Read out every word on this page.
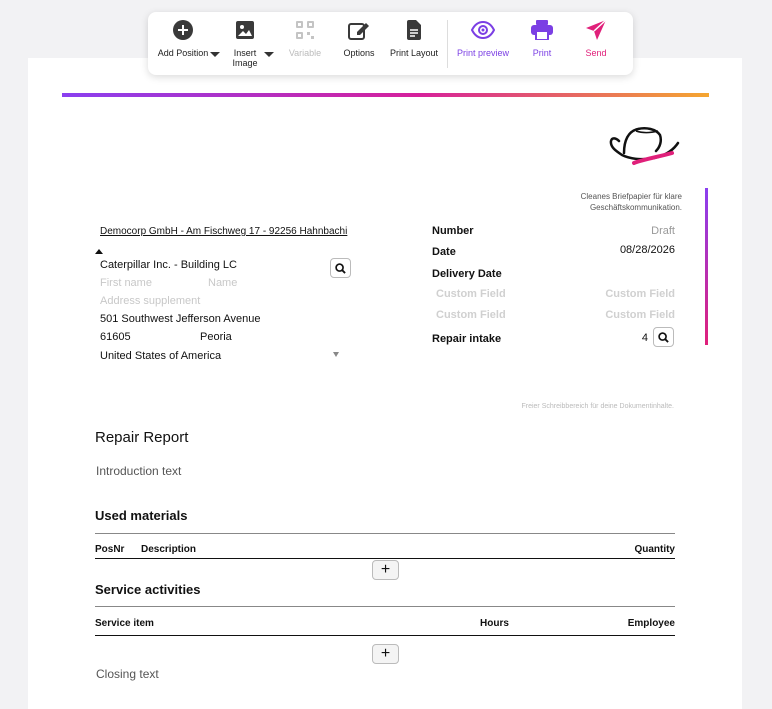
Add Position	Insert Image
Variable Options Print Layout Print preview	Print	Send
Cleanes Briefpapier für klare
Geschäftskommunikation.
Democorp GmbH - Am Fischweg 17 - 92256 Hahnbachi
Caterpillar Inc. - Building LC
First name	Name
Address supplement
501 Southwest Jefferson Avenue
61605	Peoria
United States of America
Number	Draft
Date	08/28/2026
Delivery Date
Custom Field	Custom Field
Custom Field	Custom Field
Repair intake	4
Freier Schreibbereich für deine Dokumentinhalte.
Repair Report
Introduction text
Used materials
PosNr Description	Quantity
+
Service activities
Service item	Hours	Employee
+
Closing text
